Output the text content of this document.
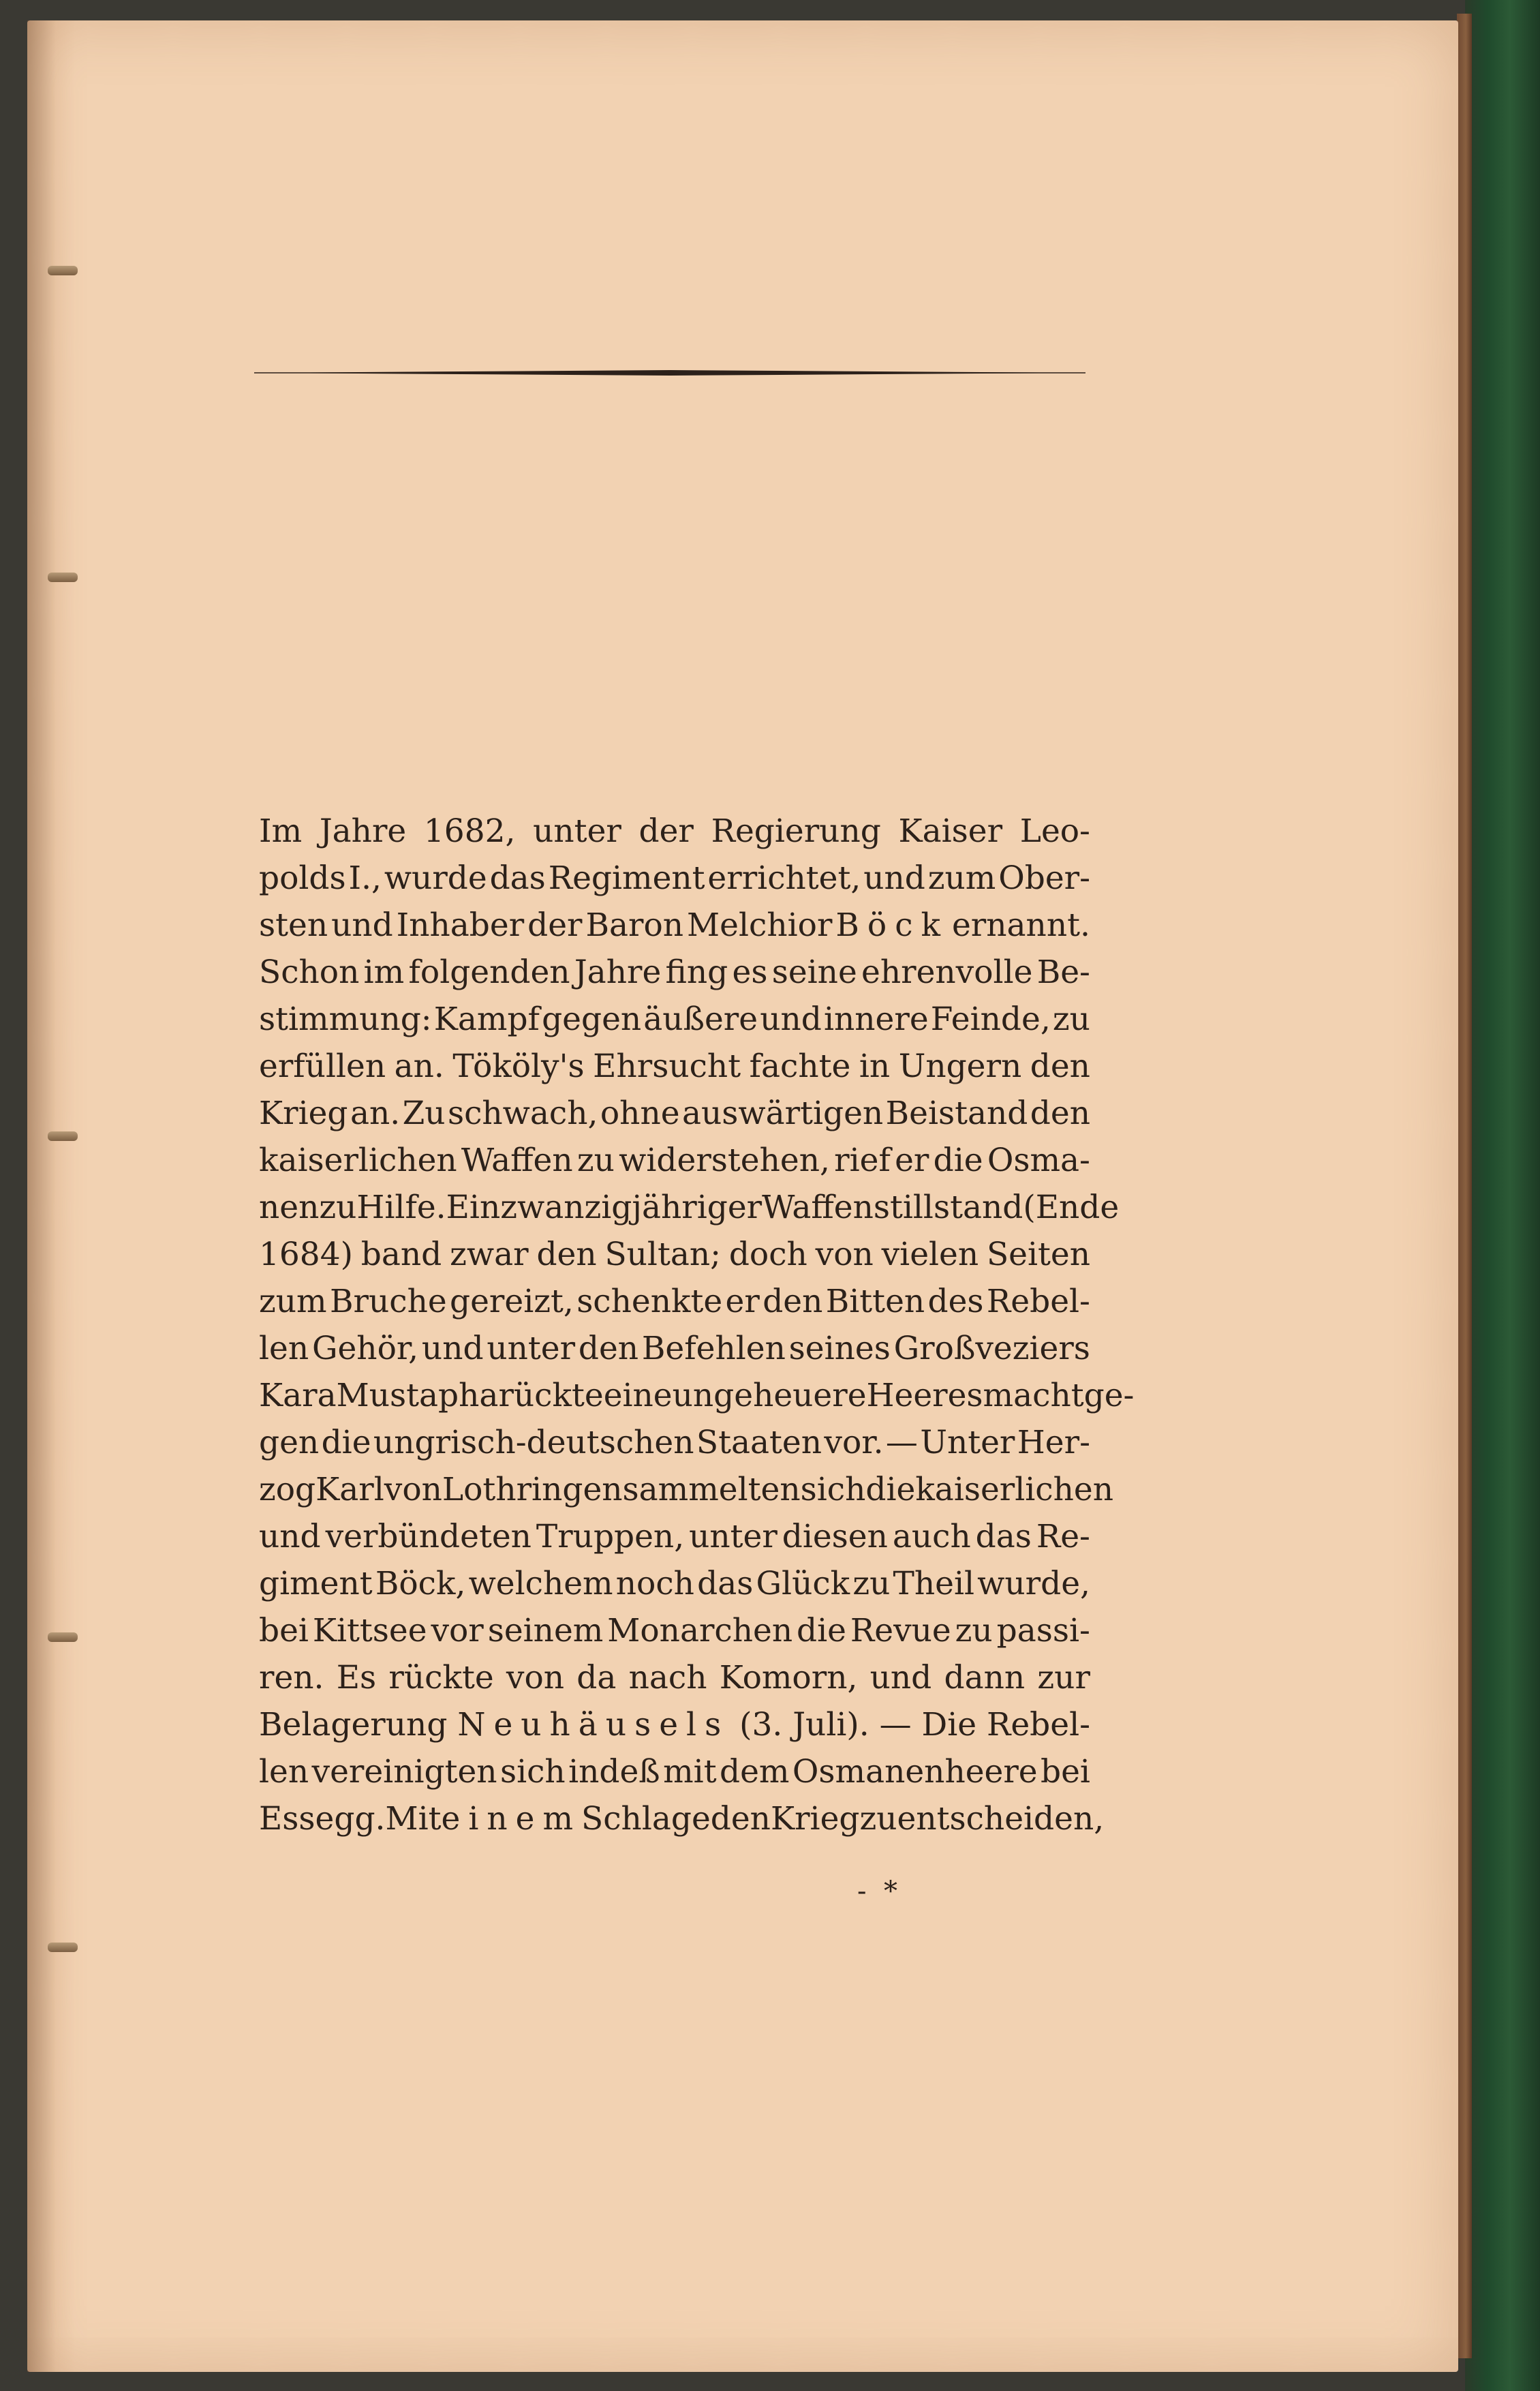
Im Jahre 1682, unter der Regierung Kaiser Leo-
polds I., wurde das Regiment errichtet, und zum Ober-
sten und Inhaber der Baron Melchior Böck ernannt.
Schon im folgenden Jahre fing es seine ehrenvolle Be-
stimmung: Kampf gegen äußere und innere Feinde, zu
erfüllen an. Tököly's Ehrsucht fachte in Ungern den
Krieg an. Zu schwach, ohne auswärtigen Beistand den
kaiserlichen Waffen zu widerstehen, rief er die Osma-
nen zu Hilfe. Ein zwanzigjähriger Waffenstillstand (Ende
1684) band zwar den Sultan; doch von vielen Seiten
zum Bruche gereizt, schenkte er den Bitten des Rebel-
len Gehör, und unter den Befehlen seines Großveziers
Kara Mustapha rückte eine ungeheuere Heeresmacht ge-
gen die ungrisch-deutschen Staaten vor. — Unter Her-
zog Karl von Lothringen sammelten sich die kaiserlichen
und verbündeten Truppen, unter diesen auch das Re-
giment Böck, welchem noch das Glück zu Theil wurde,
bei Kittsee vor seinem Monarchen die Revue zu passi-
ren. Es rückte von da nach Komorn, und dann zur
Belagerung Neuhäusels (3. Juli). — Die Rebel-
len vereinigten sich indeß mit dem Osmanenheere bei
Essegg. Mit einem Schlage den Krieg zu entscheiden,
-  *
